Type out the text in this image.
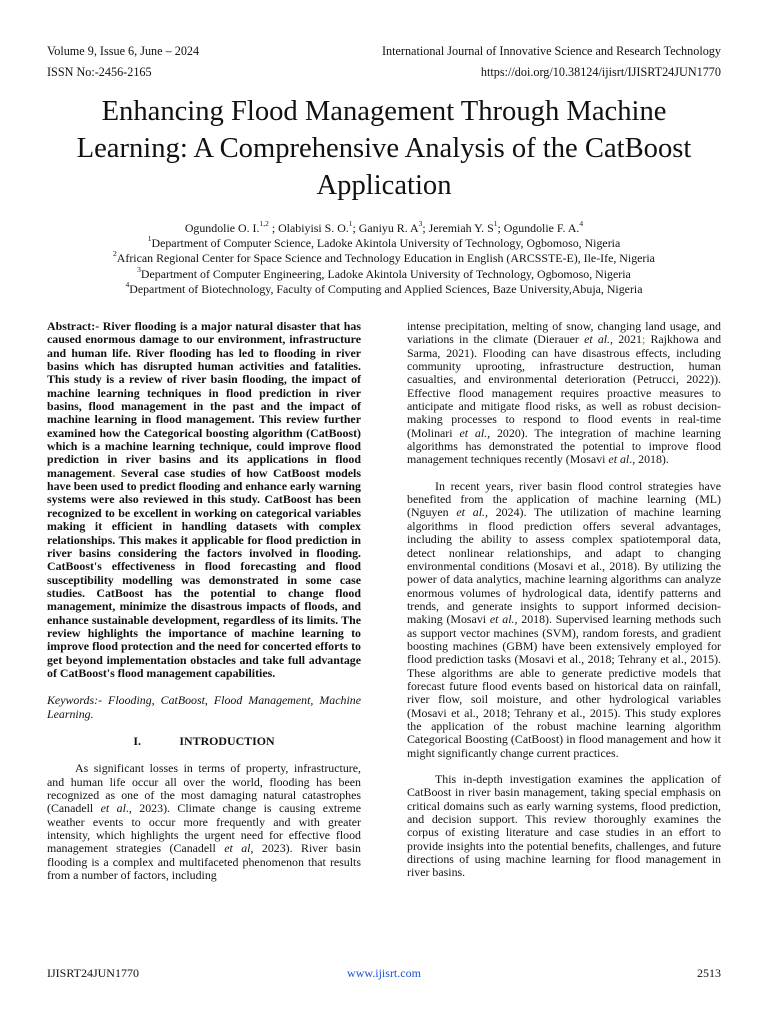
Volume 9, Issue 6, June – 2024	International Journal of Innovative Science and Research Technology
ISSN No:-2456-2165	https://doi.org/10.38124/ijisrt/IJISRT24JUN1770
Enhancing Flood Management Through Machine
Learning: A Comprehensive Analysis of the CatBoost
Application
Ogundolie O. I.$^{1,2}$ ; Olabiyisi S. O.$^1$; Ganiyu R. $A^3$; Jeremiah Y. $S^1$; Ogundolie F. A.$^4$
$^1$Department of Computer Science, Ladoke Akintola University of Technology, Ogbomoso, Nigeria
$^2$African Regional Center for Space Science and Technology Education in English (ARCSSTE-E), Ile-Ife, Nigeria
$^3$Department of Computer Engineering, Ladoke Akintola University of Technology, Ogbomoso, Nigeria
$^4$Department of Biotechnology, Faculty of Computing and Applied Sciences, Baze University,Abuja, Nigeria

Abstract:- River flooding is a major natural disaster that has caused enormous damage to our environment, infrastructure and human life. River flooding has led to flooding in river basins which has disrupted human activities and fatalities. This study is a review of river basin flooding, the impact of machine learning techniques in flood prediction in river basins, flood management in the past and the impact of machine learning in flood management. This review further examined how the Categorical boosting algorithm (CatBoost) which is a machine learning technique, could improve flood prediction in river basins and its applications in flood management. Several case studies of how CatBoost models have been used to predict flooding and enhance early warning systems were also reviewed in this study. CatBoost has been recognized to be excellent in working on categorical variables making it efficient in handling datasets with complex relationships. This makes it applicable for flood prediction in river basins considering the factors involved in flooding. CatBoost's effectiveness in flood forecasting and flood susceptibility modelling was demonstrated in some case studies. CatBoost has the potential to change flood management, minimize the disastrous impacts of floods, and enhance sustainable development, regardless of its limits. The review highlights the importance of machine learning to improve flood protection and the need for concerted efforts to get beyond implementation obstacles and take full advantage of CatBoost's flood management capabilities.

Keywords:- Flooding, CatBoost, Flood Management, Machine Learning.

I.	INTRODUCTION

As significant losses in terms of property, infrastructure, and human life occur all over the world, flooding has been recognized as one of the most damaging natural catastrophes (Canadell et al., 2023). Climate change is causing extreme weather events to occur more frequently and with greater intensity, which highlights the urgent need for effective flood management strategies (Canadell et al, 2023). River basin flooding is a complex and multifaceted phenomenon that results from a number of factors, including

intense precipitation, melting of snow, changing land usage, and variations in the climate (Dierauer et al., 2021; Rajkhowa and Sarma, 2021). Flooding can have disastrous effects, including community uprooting, infrastructure destruction, human casualties, and environmental deterioration (Petrucci, 2022)). Effective flood management requires proactive measures to anticipate and mitigate flood risks, as well as robust decision-making processes to respond to flood events in real-time (Molinari et al., 2020). The integration of machine learning algorithms has demonstrated the potential to improve flood management techniques recently (Mosavi et al., 2018).

In recent years, river basin flood control strategies have benefited from the application of machine learning (ML) (Nguyen et al., 2024). The utilization of machine learning algorithms in flood prediction offers several advantages, including the ability to assess complex spatiotemporal data, detect nonlinear relationships, and adapt to changing environmental conditions (Mosavi et al., 2018). By utilizing the power of data analytics, machine learning algorithms can analyze enormous volumes of hydrological data, identify patterns and trends, and generate insights to support informed decision-making (Mosavi et al., 2018). Supervised learning methods such as support vector machines (SVM), random forests, and gradient boosting machines (GBM) have been extensively employed for flood prediction tasks (Mosavi et al., 2018; Tehrany et al., 2015). These algorithms are able to generate predictive models that forecast future flood events based on historical data on rainfall, river flow, soil moisture, and other hydrological variables (Mosavi et al., 2018; Tehrany et al., 2015). This study explores the application of the robust machine learning algorithm Categorical Boosting (CatBoost) in flood management and how it might significantly change current practices.

This in-depth investigation examines the application of CatBoost in river basin management, taking special emphasis on critical domains such as early warning systems, flood prediction, and decision support. This review thoroughly examines the corpus of existing literature and case studies in an effort to provide insights into the potential benefits, challenges, and future directions of using machine learning for flood management in river basins.

IJISRT24JUN1770	www.ijisrt.com	2513
